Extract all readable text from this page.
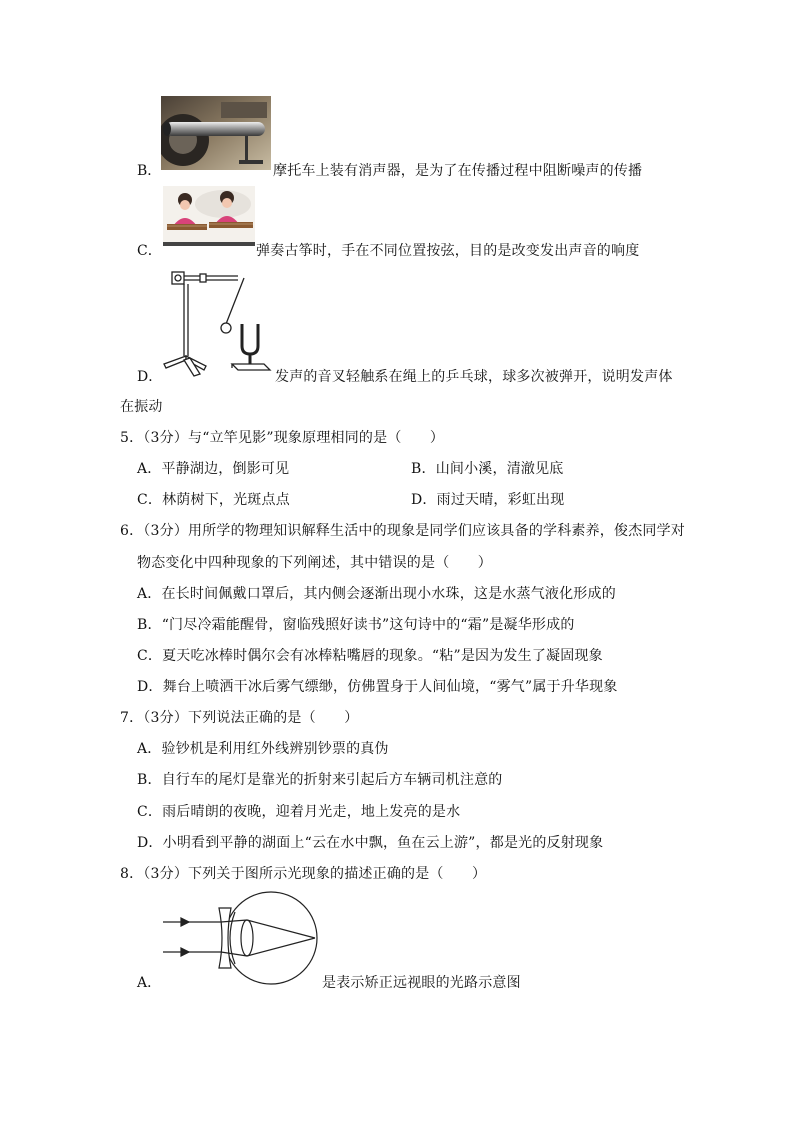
B．	摩托车上装有消声器，是为了在传播过程中阻断噪声的传播
C．	弹奏古筝时，手在不同位置按弦，目的是改变发出声音的响度
D．	发声的音叉轻触系在绳上的乒乓球，球多次被弹开，说明发声体
在振动
5．（3分）与“立竿见影”现象原理相同的是（　　）
A．平静湖边，倒影可见	B．山间小溪，清澈见底
C．林荫树下，光斑点点	D．雨过天晴，彩虹出现
6．（3分）用所学的物理知识解释生活中的现象是同学们应该具备的学科素养，俊杰同学对
物态变化中四种现象的下列阐述，其中错误的是（　　）
A．在长时间佩戴口罩后，其内侧会逐渐出现小水珠，这是水蒸气液化形成的
B．“门尽冷霜能醒骨，窗临残照好读书”这句诗中的“霜”是凝华形成的
C．夏天吃冰棒时偶尔会有冰棒粘嘴唇的现象。“粘”是因为发生了凝固现象
D．舞台上喷洒干冰后雾气缥缈，仿佛置身于人间仙境，“雾气”属于升华现象
7．（3分）下列说法正确的是（　　）
A．验钞机是利用红外线辨别钞票的真伪
B．自行车的尾灯是靠光的折射来引起后方车辆司机注意的
C．雨后晴朗的夜晚，迎着月光走，地上发亮的是水
D．小明看到平静的湖面上“云在水中飘，鱼在云上游”，都是光的反射现象
8．（3分）下列关于图所示光现象的描述正确的是（　　）
A．	是表示矫正远视眼的光路示意图
